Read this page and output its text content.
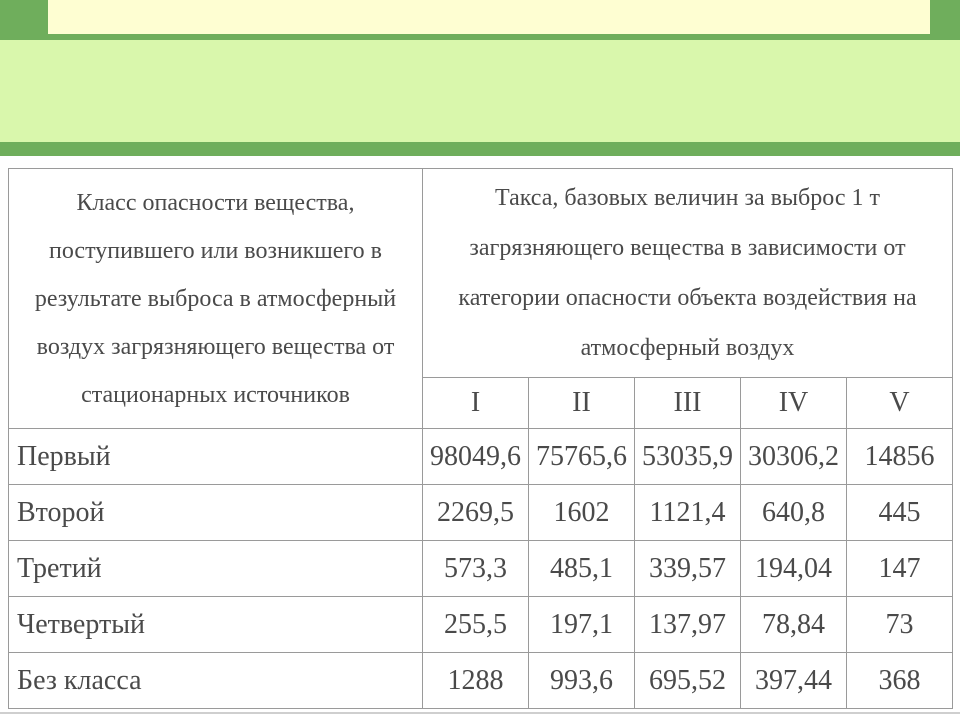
Класс опасности вещества, поступившего или возникшего в результате выброса в атмосферный воздух загрязняющего вещества от стационарных источников	Такса, базовых величин за выброс 1 т загрязняющего вещества в зависимости от категории опасности объекта воздействия на атмосферный воздух				
	I	II	III	IV	V
Первый	98049,6	75765,6	53035,9	30306,2	14856
Второй	2269,5	1602	1121,4	640,8	445
Третий	573,3	485,1	339,57	194,04	147
Четвертый	255,5	197,1	137,97	78,84	73
Без класса	1288	993,6	695,52	397,44	368
